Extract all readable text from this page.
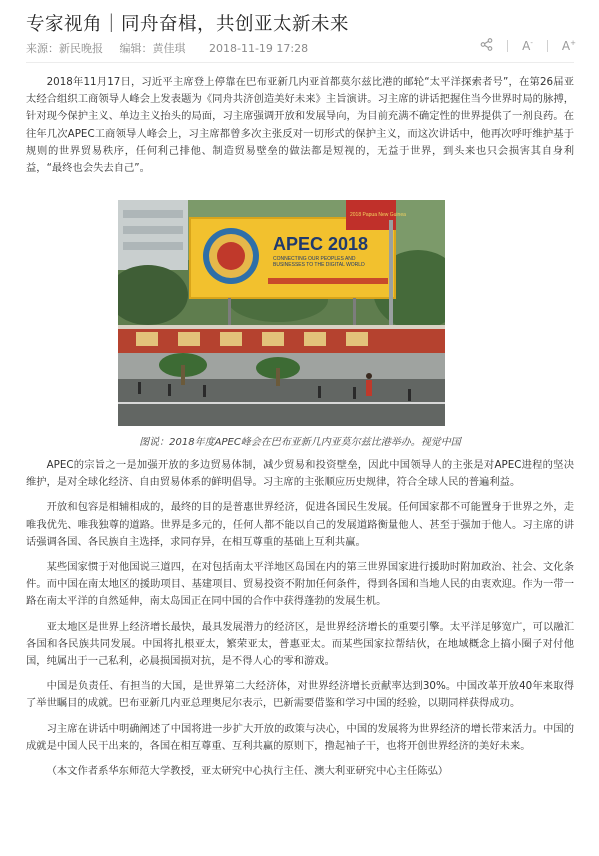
专家视角｜同舟奋楫，共创亚太新未来
来源：新民晚报 编辑：黄佳琪 2018-11-19 17:28	A- A+

2018年11月17日，习近平主席登上停靠在巴布亚新几内亚首都莫尔兹比港的邮轮“太平洋探索者号”，在第26届亚太经合组织工商领导人峰会上发表题为《同舟共济创造美好未来》主旨演讲。习主席的讲话把握住当今世界时局的脉搏，针对现今保护主义、单边主义抬头的局面，习主席强调开放和发展导向，为目前充满不确定性的世界提供了一剂良药。在往年几次APEC工商领导人峰会上，习主席都曾多次主张反对一切形式的保护主义，而这次讲话中，他再次呼吁维护基于规则的世界贸易秩序，任何利己排他、制造贸易壁垒的做法都是短视的，无益于世界，到头来也只会损害其自身利益，“最终也会失去自己”。

APEC 2018
CONNECTING OUR PEOPLES AND
BUSINESSES TO THE DIGITAL WORLD
2018 Papua New Guinea
图说：2018年度APEC峰会在巴布亚新几内亚莫尔兹比港举办。视觉中国

APEC的宗旨之一是加强开放的多边贸易体制，减少贸易和投资壁垒，因此中国领导人的主张是对APEC进程的坚决维护，是对全球化经济、自由贸易体系的鲜明倡导。习主席的主张顺应历史规律，符合全球人民的普遍利益。

开放和包容是相辅相成的，最终的目的是普惠世界经济，促进各国民生发展。任何国家都不可能置身于世界之外，走唯我优先、唯我独尊的道路。世界是多元的，任何人都不能以自己的发展道路衡量他人、甚至于强加于他人。习主席的讲话强调各国、各民族自主选择，求同存异，在相互尊重的基础上互利共赢。

某些国家惯于对他国说三道四，在对包括南太平洋地区岛国在内的第三世界国家进行援助时附加政治、社会、文化条件。而中国在南太地区的援助项目、基建项目、贸易投资不附加任何条件，得到各国和当地人民的由衷欢迎。作为一带一路在南太平洋的自然延伸，南太岛国正在同中国的合作中获得蓬勃的发展生机。

亚太地区是世界上经济增长最快，最具发展潜力的经济区，是世界经济增长的重要引擎。太平洋足够宽广，可以融汇各国和各民族共同发展。中国将扎根亚太，繁荣亚太，普惠亚太。而某些国家拉帮结伙，在地域概念上搞小圈子对付他国，纯属出于一己私利，必晨损国损对抗，是不得人心的零和游戏。

中国是负责任、有担当的大国，是世界第二大经济体，对世界经济增长贡献率达到30%。中国改革开放40年来取得了举世瞩目的成就。巴布亚新几内亚总理奥尼尔表示，巴新需要借鉴和学习中国的经验，以期同样获得成功。

习主席在讲话中明确阐述了中国将进一步扩大开放的政策与决心，中国的发展将为世界经济的增长带来活力。中国的成就是中国人民干出来的，各国在相互尊重、互利共赢的原则下，撸起袖子干，也将开创世界经济的美好未来。

（本文作者系华东师范大学教授，亚太研究中心执行主任、澳大利亚研究中心主任陈弘）
